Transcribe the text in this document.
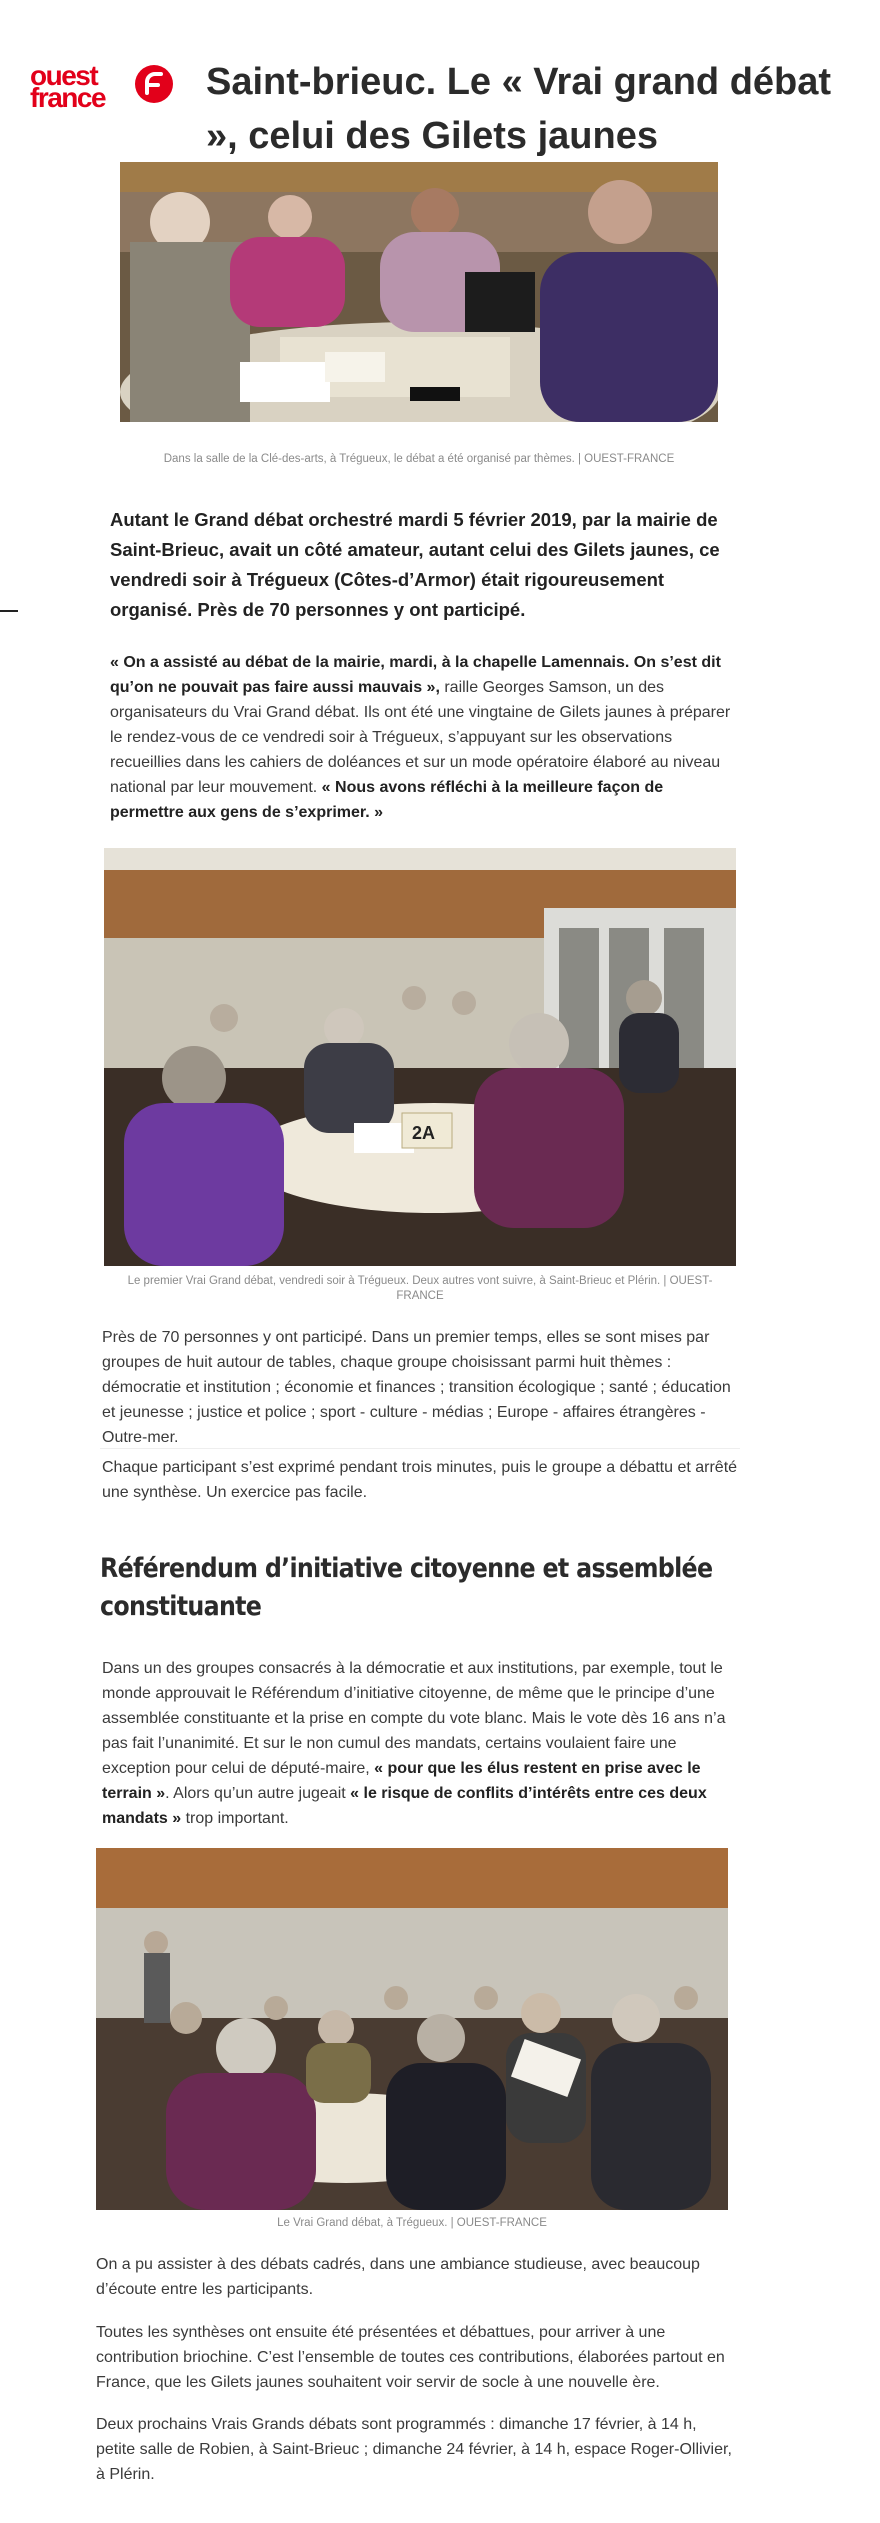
ouest
france	Saint-brieuc. Le « Vrai grand débat », celui des Gilets jaunes
Dans la salle de la Clé-des-arts, à Trégueux, le débat a été organisé par thèmes. | OUEST-FRANCE

Autant le Grand débat orchestré mardi 5 février 2019, par la mairie de Saint-Brieuc, avait un côté amateur, autant celui des Gilets jaunes, ce vendredi soir à Trégueux (Côtes-d’Armor) était rigoureusement organisé. Près de 70 personnes y ont participé.

« On a assisté au débat de la mairie, mardi, à la chapelle Lamennais. On s’est dit qu’on ne pouvait pas faire aussi mauvais », raille Georges Samson, un des organisateurs du Vrai Grand débat. Ils ont été une vingtaine de Gilets jaunes à préparer le rendez-vous de ce vendredi soir à Trégueux, s’appuyant sur les observations recueillies dans les cahiers de doléances et sur un mode opératoire élaboré au niveau national par leur mouvement. « Nous avons réfléchi à la meilleure façon de permettre aux gens de s’exprimer. »

2A
Le premier Vrai Grand débat, vendredi soir à Trégueux. Deux autres vont suivre, à Saint-Brieuc et Plérin. | OUEST-FRANCE

Près de 70 personnes y ont participé. Dans un premier temps, elles se sont mises par groupes de huit autour de tables, chaque groupe choisissant parmi huit thèmes : démocratie et institution ; économie et finances ; transition écologique ; santé ; éducation et jeunesse ; justice et police ; sport - culture - médias ; Europe - affaires étrangères - Outre-mer.

Chaque participant s’est exprimé pendant trois minutes, puis le groupe a débattu et arrêté une synthèse. Un exercice pas facile.

Référendum d’initiative citoyenne et assemblée constituante

Dans un des groupes consacrés à la démocratie et aux institutions, par exemple, tout le monde approuvait le Référendum d’initiative citoyenne, de même que le principe d’une assemblée constituante et la prise en compte du vote blanc. Mais le vote dès 16 ans n’a pas fait l’unanimité. Et sur le non cumul des mandats, certains voulaient faire une exception pour celui de député-maire, « pour que les élus restent en prise avec le terrain ». Alors qu’un autre jugeait « le risque de conflits d’intérêts entre ces deux mandats » trop important.

Le Vrai Grand débat, à Trégueux. | OUEST-FRANCE

On a pu assister à des débats cadrés, dans une ambiance studieuse, avec beaucoup d’écoute entre les participants.

Toutes les synthèses ont ensuite été présentées et débattues, pour arriver à une contribution briochine. C’est l’ensemble de toutes ces contributions, élaborées partout en France, que les Gilets jaunes souhaitent voir servir de socle à une nouvelle ère.

Deux prochains Vrais Grands débats sont programmés : dimanche 17 février, à 14 h, petite salle de Robien, à Saint-Brieuc ; dimanche 24 février, à 14 h, espace Roger-Ollivier, à Plérin.
